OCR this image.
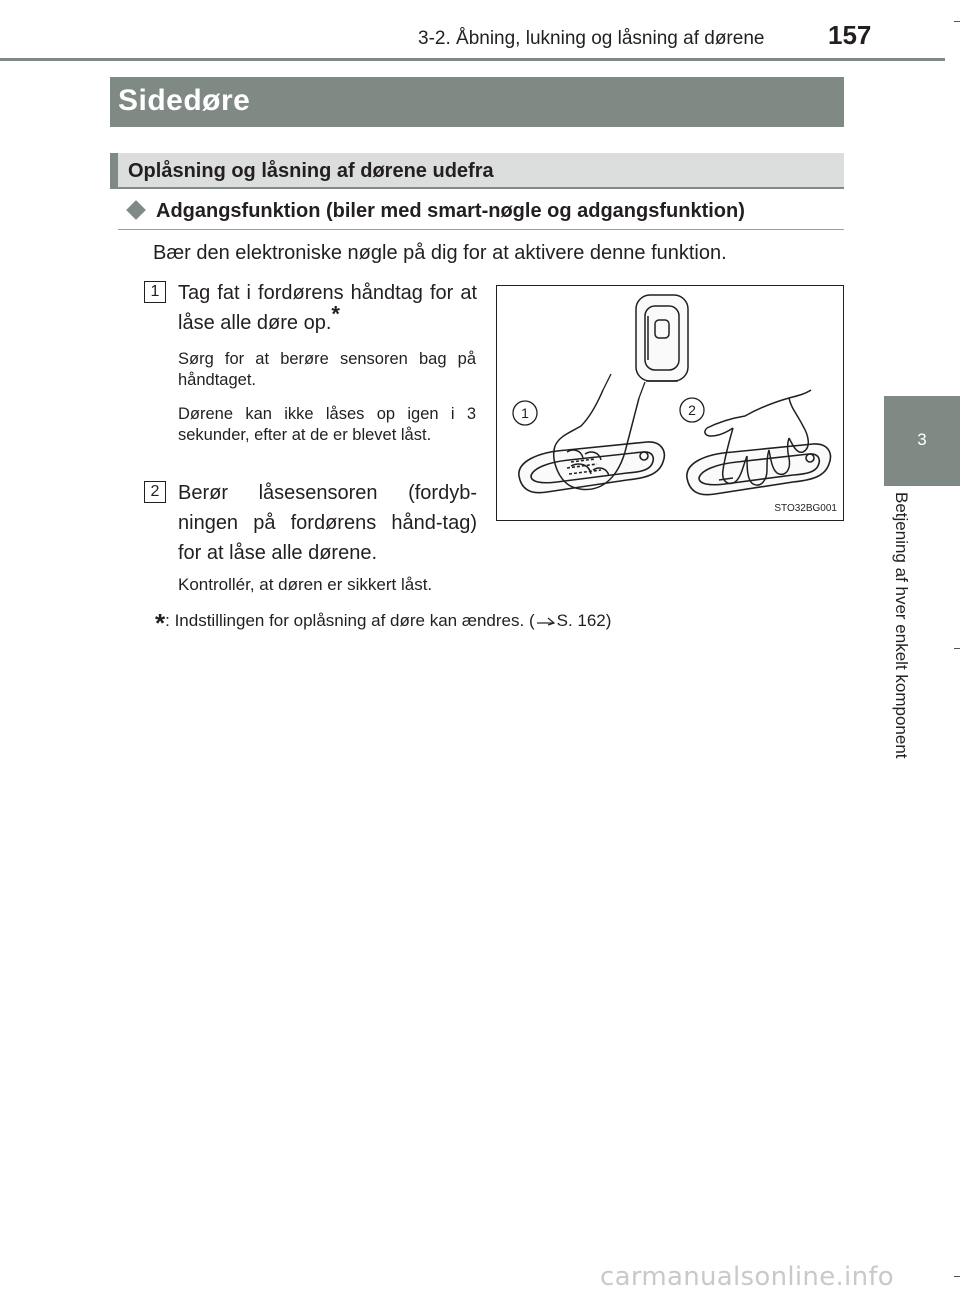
3-2. Åbning, lukning og låsning af dørene 157
3
Betjening af hver enkelt komponent
Sidedøre
Oplåsning og låsning af dørene udefra
Adgangsfunktion (biler med smart-nøgle og adgangsfunktion)
Bær den elektroniske nøgle på dig for at aktivere denne funktion.
1 Tag fat i fordørens håndtag for at låse alle døre op.*
Sørg for at berøre sensoren bag på håndtaget.
Dørene kan ikke låses op igen i 3 sekunder, efter at de er blevet låst.
2 Berør låsesensoren (fordyb-ningen på fordørens hånd-tag) for at låse alle dørene.
Kontrollér, at døren er sikkert låst.
*: Indstillingen for oplåsning af døre kan ændres. ( S. 162)
1	2
STO32BG001
carmanualsonline.info
